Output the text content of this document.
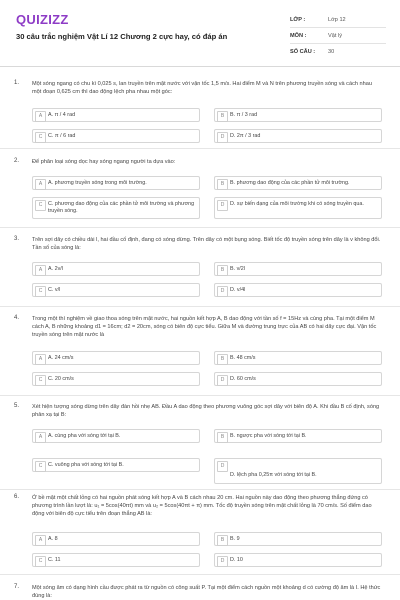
QUIZIZZ
30 câu trắc nghiệm Vật Lí 12 Chương 2 cực hay, có đáp án
LỚP :	Lớp 12
MÔN :	Vật lý
SỐ CÂU :	30
1. Một sóng ngang có chu kì 0,025 s, lan truyền trên mặt nước với vận tốc 1,5 m/s. Hai điểm M và N trên phương truyền sóng và cách nhau một đoạn 0,625 cm thì dao động lệch pha nhau một góc:
A	A. π / 4 rad	B	B. π / 3 rad
C	C. π / 6 rad	D	D. 2π / 3 rad
2. Để phân loại sóng dọc hay sóng ngang người ta dựa vào:
A	A. phương truyền sóng trong môi trường.	B	B. phương dao động của các phần tử môi trường.
C	C. phương dao động của các phần tử môi trường và phương truyền sóng.
D	D. sự biến dạng của môi trường khi có sóng truyền qua.
3. Trên sợi dây có chiều dài l, hai đầu cố định, đang có sóng dừng. Trên dây có một bụng sóng. Biết tốc độ truyền sóng trên dây là v không đổi. Tần số của sóng là:
A	A. 2v/l	B	B. v/2l
C	C. v/l	D	D. v/4l
4. Trong một thí nghiệm về giao thoa sóng trên mặt nước, hai nguồn kết hợp A, B dao động với tần số f = 15Hz và cùng pha. Tại một điểm M cách A, B những khoảng d1 = 16cm; d2 = 20cm, sóng có biên độ cực tiểu. Giữa M và đường trung trực của AB có hai dãy cực đại. Vận tốc truyền sóng trên mặt nước là
A	A. 24 cm/s	B	B. 48 cm/s
C	C. 20 cm/s	D	D. 60 cm/s
5. Xét hiện tượng sóng dừng trên dây đàn hồi nhẹ AB. Đầu A dao động theo phương vuông góc sợi dây với biên độ A. Khi đầu B cố định, sóng phản xạ tại B:
A	A. cùng pha với sóng tới tại B.	B	B. ngược pha với sóng tới tại B.
C	C. vuông pha với sóng tới tại B.	D
D. lệch pha 0,25π với sóng tới tại B.
6. Ở bề mặt một chất lỏng có hai nguồn phát sóng kết hợp A và B cách nhau 20 cm. Hai nguồn này dao động theo phương thẳng đứng có phương trình lần lượt là: u₁ = 5cos(40πt) mm và u₂ = 5cos(40πt + π) mm. Tốc độ truyền sóng trên mặt chất lỏng là 70 cm/s. Số điểm dao động với biên độ cực tiểu trên đoạn thẳng AB là:
A	A. 8	B	B. 9
C	C. 11	D	D. 10
7. Một sóng âm có dạng hình cầu được phát ra từ nguồn có công suất P. Tại một điểm cách nguồn một khoảng d có cường độ âm là I. Hệ thức đúng là:
